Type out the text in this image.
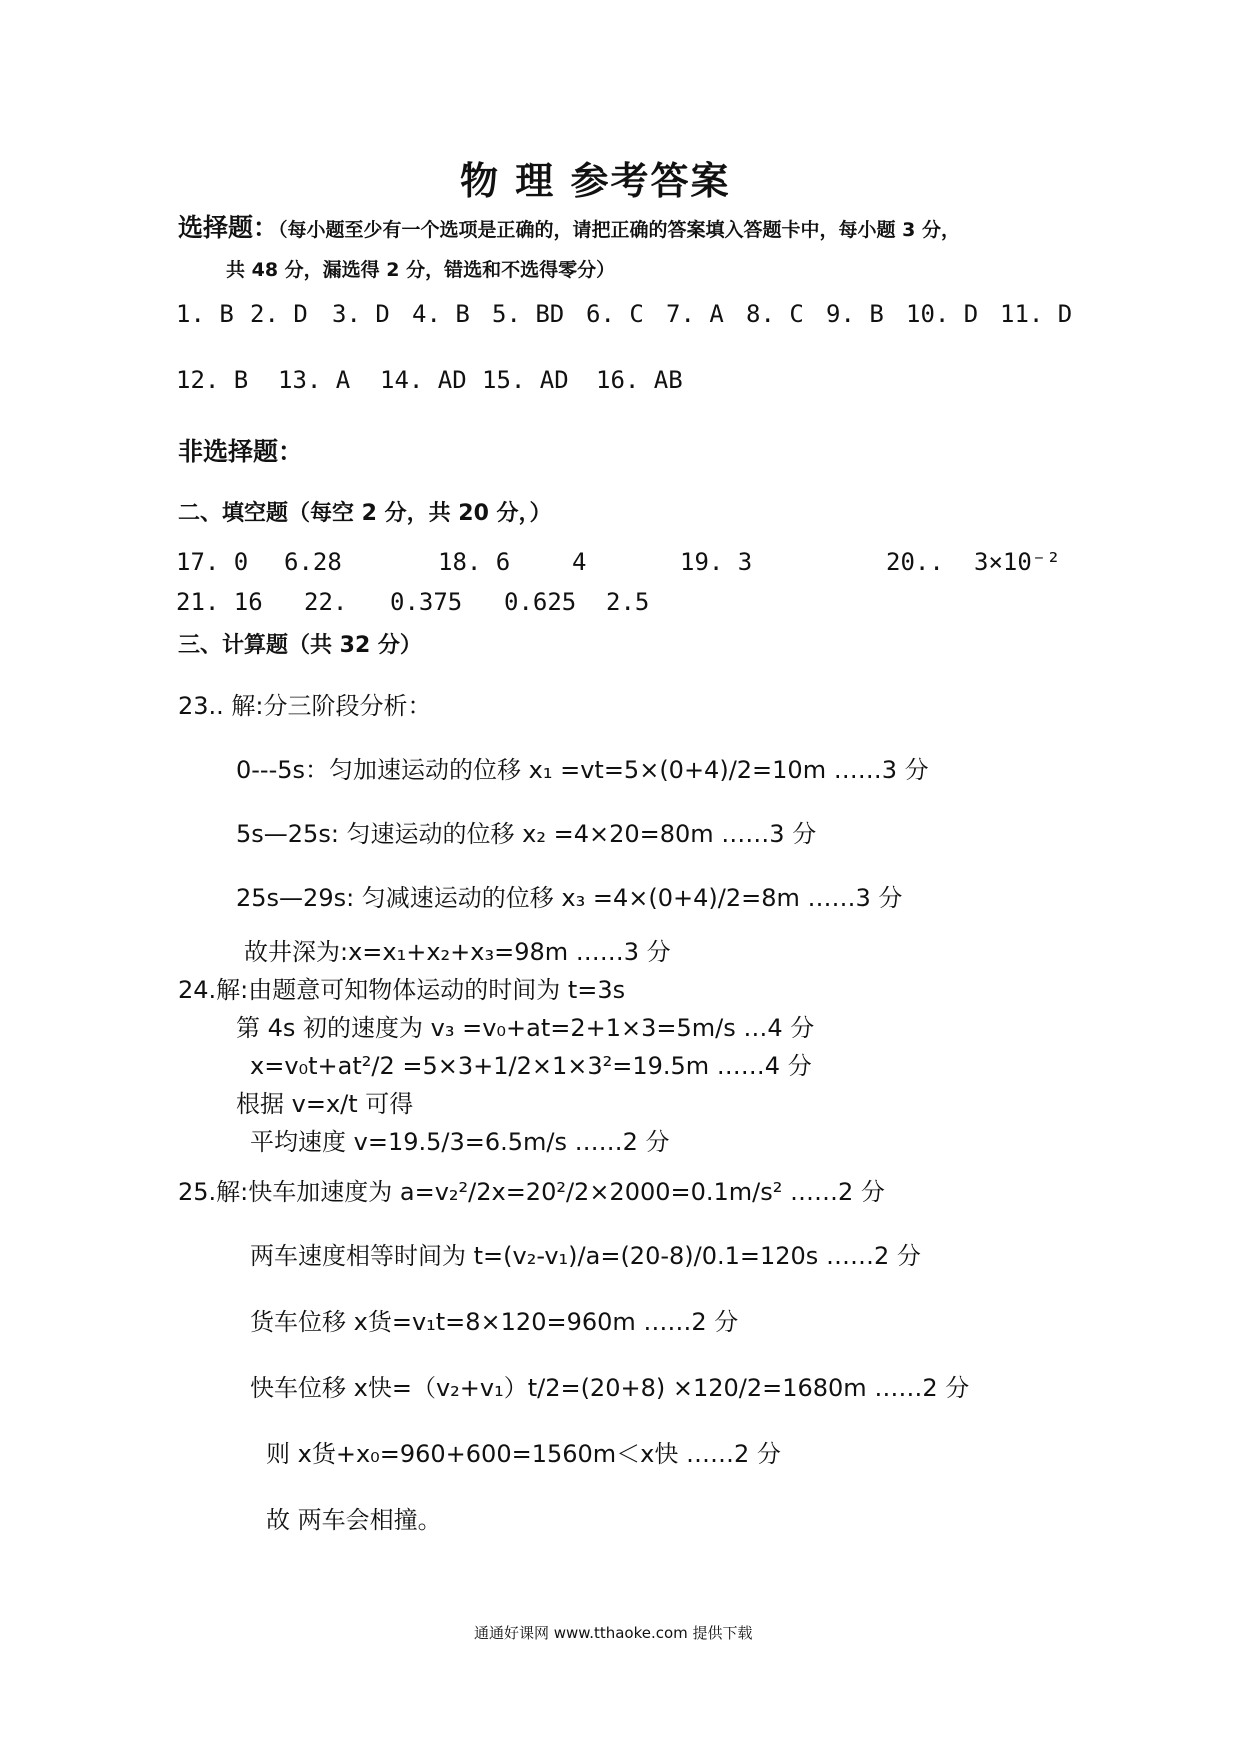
物 理 参考答案
选择题：（每小题至少有一个选项是正确的，请把正确的答案填入答题卡中，每小题 3 分，
共 48 分，漏选得 2 分，错选和不选得零分）
1. B 2. D 3. D 4. B 5. BD 6. C 7. A 8. C 9. B 10. D 11. D
12. B 13. A 14. AD 15. AD 16. AB
非选择题：
二、填空题（每空 2 分，共 20 分，）
17. 0 6.28	18. 6	4	19. 3	20.. 3×10⁻²
21. 16 22. 0.375 0.625 2.5
三、计算题（共 32 分）
23.. 解:分三阶段分析：
0---5s：匀加速运动的位移 x₁ =vt=5×(0+4)/2=10m ……3 分
5s—25s: 匀速运动的位移 x₂ =4×20=80m ……3 分
25s—29s: 匀减速运动的位移 x₃ =4×(0+4)/2=8m ……3 分
故井深为:x=x₁+x₂+x₃=98m ……3 分
24.解:由题意可知物体运动的时间为 t=3s
第 4s 初的速度为 v₃ =v₀+at=2+1×3=5m/s …4 分
x=v₀t+at²/2 =5×3+1/2×1×3²=19.5m ……4 分
根据 v=x/t 可得
平均速度 v=19.5/3=6.5m/s ……2 分
25.解:快车加速度为 a=v₂²/2x=20²/2×2000=0.1m/s² ……2 分
两车速度相等时间为 t=(v₂-v₁)/a=(20-8)/0.1=120s ……2 分
货车位移 x货=v₁t=8×120=960m ……2 分
快车位移 x快=（v₂+v₁）t/2=(20+8) ×120/2=1680m ……2 分
则 x货+x₀=960+600=1560m＜x快 ……2 分
故 两车会相撞。
通通好课网 www.tthaoke.com 提供下载
